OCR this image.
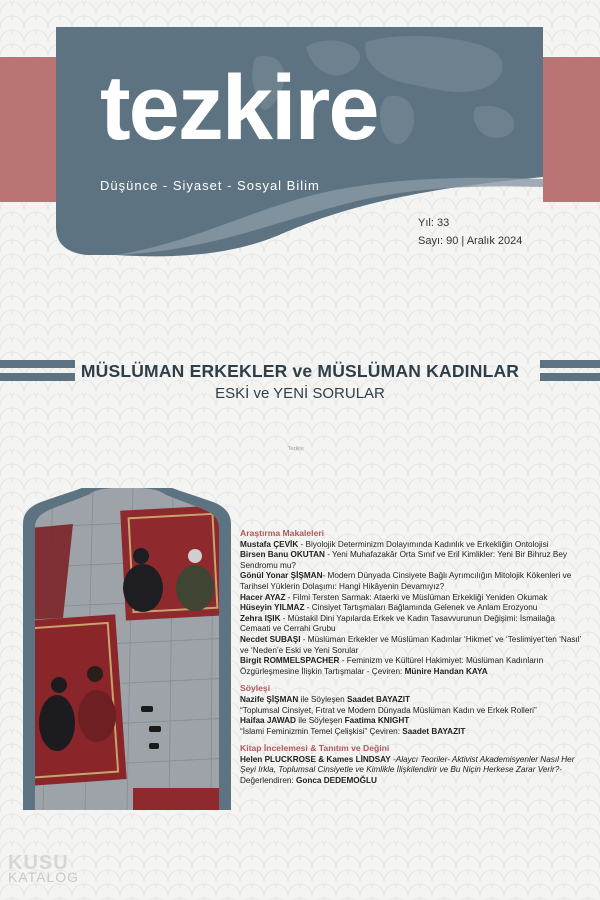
tezkire
Düşünce - Siyaset - Sosyal Bilim
Yıl: 33
Sayı: 90 | Aralık 2024
MÜSLÜMAN ERKEKLER ve MÜSLÜMAN KADINLAR
ESKİ ve YENİ SORULAR
Tezkire
Araştırma Makaleleri
Mustafa ÇEVİK - Biyolojik Determinizm Dolayımında Kadınlık ve Erkekliğin Ontolojisi
Birsen Banu OKUTAN - Yeni Muhafazakâr Orta Sınıf ve Eril Kimlikler: Yeni Bir Bihruz Bey Sendromu mu?
Gönül Yonar ŞİŞMAN- Modern Dünyada Cinsiyete Bağlı Ayrımcılığın Mitolojik Kökenleri ve Tarihsel Yüklerin Dolaşımı: Hangi Hikâyenin Devamıyız?
Hacer AYAZ - Filmi Tersten Sarmak: Ataerki ve Müslüman Erkekliği Yeniden Okumak
Hüseyin YILMAZ - Cinsiyet Tartışmaları Bağlamında Gelenek ve Anlam Erozyonu
Zehra IŞIK - Müstakil Dini Yapılarda Erkek ve Kadın Tasavvurunun Değişimi: İsmailağa Cemaati ve Cerrahi Grubu
Necdet SUBAŞI - Müslüman Erkekler ve Müslüman Kadınlar ‘Hikmet’ ve ‘Teslimiyet’ten ‘Nasıl’ ve ‘Neden’e Eski ve Yeni Sorular
Birgit ROMMELSPACHER - Feminizm ve Kültürel Hakimiyet: Müslüman Kadınların Özgürleşmesine İlişkin Tartışmalar - Çeviren: Münire Handan KAYA
Söyleşi
Nazife ŞİŞMAN ile Söyleşen Saadet BAYAZIT
“Toplumsal Cinsiyet, Fıtrat ve Modern Dünyada Müslüman Kadın ve Erkek Rolleri”
Haifaa JAWAD ile Söyleşen Faatima KNIGHT
“İslami Feminizmin Temel Çelişkisi” Çeviren: Saadet BAYAZIT
Kitap İncelemesi & Tanıtım ve Değini
Helen PLUCKROSE & Kames LİNDSAY -Alaycı Teoriler- Aktivist Akademisyenler Nasıl Her Şeyi Irkla, Toplumsal Cinsiyetle ve Kimlikle İlişkilendirir ve Bu Niçin Herkese Zarar Verir?- Değerlendiren: Gonca DEDEMOĞLU
KUSU
KATALOG
